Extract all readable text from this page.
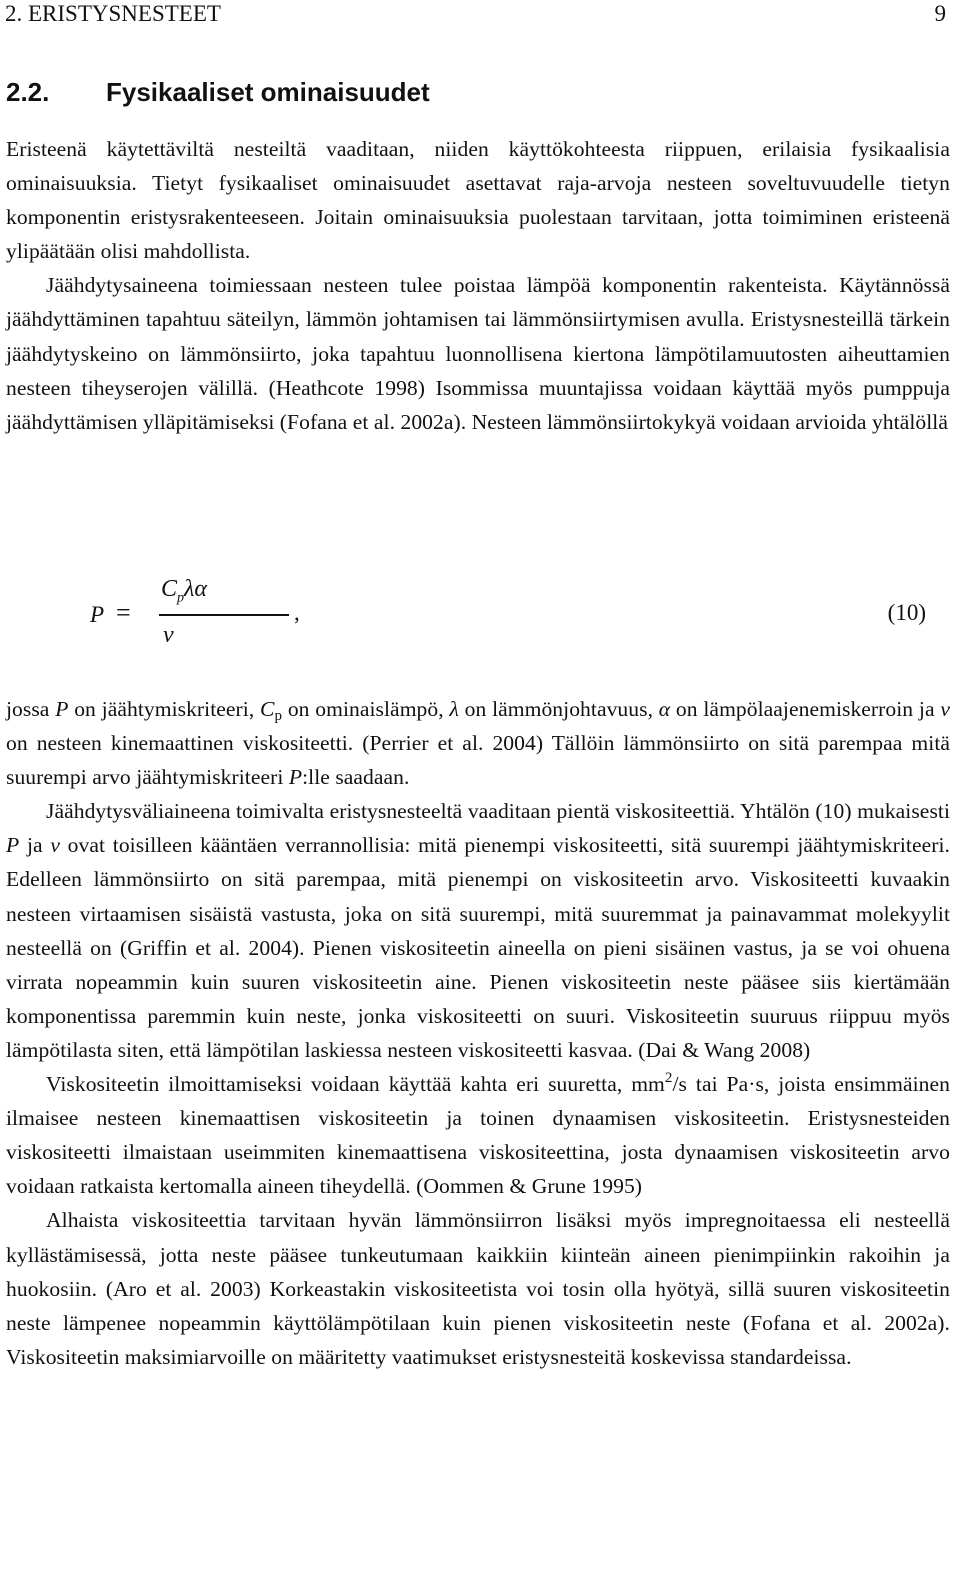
2. ERISTYSNESTEET	9
2.2. Fysikaaliset ominaisuudet

Eristeenä käytettäviltä nesteiltä vaaditaan, niiden käyttökohteesta riippuen, erilaisia fysikaalisia ominaisuuksia. Tietyt fysikaaliset ominaisuudet asettavat raja-arvoja nesteen soveltuvuudelle tietyn komponentin eristysrakenteeseen. Joitain ominaisuuksia puolestaan tarvitaan, jotta toimiminen eristeenä ylipäätään olisi mahdollista.

Jäähdytysaineena toimiessaan nesteen tulee poistaa lämpöä komponentin rakenteista. Käytännössä jäähdyttäminen tapahtuu säteilyn, lämmön johtamisen tai lämmönsiirtymisen avulla. Eristysnesteillä tärkein jäähdytyskeino on lämmönsiirto, joka tapahtuu luonnollisena kiertona lämpötilamuutosten aiheuttamien nesteen tiheyserojen välillä. (Heathcote 1998) Isommissa muuntajissa voidaan käyttää myös pumppuja jäähdyttämisen ylläpitämiseksi (Fofana et al. 2002a). Nesteen lämmönsiirtokykyä voidaan arvioida yhtälöllä

P =
$C_p\lambda\alpha$
v
,	(10)

jossa P on jäähtymiskriteeri, $C_p$ on ominaislämpö, λ on lämmönjohtavuus, α on lämpölaajenemiskerroin ja v on nesteen kinemaattinen viskositeetti. (Perrier et al. 2004) Tällöin lämmönsiirto on sitä parempaa mitä suurempi arvo jäähtymiskriteeri P:lle saadaan.

Jäähdytysväliaineena toimivalta eristysnesteeltä vaaditaan pientä viskositeettiä. Yhtälön (10) mukaisesti P ja v ovat toisilleen kääntäen verrannollisia: mitä pienempi viskositeetti, sitä suurempi jäähtymiskriteeri. Edelleen lämmönsiirto on sitä parempaa, mitä pienempi on viskositeetin arvo. Viskositeetti kuvaakin nesteen virtaamisen sisäistä vastusta, joka on sitä suurempi, mitä suuremmat ja painavammat molekyylit nesteellä on (Griffin et al. 2004). Pienen viskositeetin aineella on pieni sisäinen vastus, ja se voi ohuena virrata nopeammin kuin suuren viskositeetin aine. Pienen viskositeetin neste pääsee siis kiertämään komponentissa paremmin kuin neste, jonka viskositeetti on suuri. Viskositeetin suuruus riippuu myös lämpötilasta siten, että lämpötilan laskiessa nesteen viskositeetti kasvaa. (Dai & Wang 2008)

Viskositeetin ilmoittamiseksi voidaan käyttää kahta eri suuretta, $mm^2/s$ tai Pa·s, joista ensimmäinen ilmaisee nesteen kinemaattisen viskositeetin ja toinen dynaamisen viskositeetin. Eristysnesteiden viskositeetti ilmaistaan useimmiten kinemaattisena viskositeettina, josta dynaamisen viskositeetin arvo voidaan ratkaista kertomalla aineen tiheydellä. (Oommen & Grune 1995)

Alhaista viskositeettia tarvitaan hyvän lämmönsiirron lisäksi myös impregnoitaessa eli nesteellä kyllästämisessä, jotta neste pääsee tunkeutumaan kaikkiin kiinteän aineen pienimpiinkin rakoihin ja huokosiin. (Aro et al. 2003) Korkeastakin viskositeetista voi tosin olla hyötyä, sillä suuren viskositeetin neste lämpenee nopeammin käyttölämpötilaan kuin pienen viskositeetin neste (Fofana et al. 2002a). Viskositeetin maksimiarvoille on määritetty vaatimukset eristysnesteitä koskevissa standardeissa.
